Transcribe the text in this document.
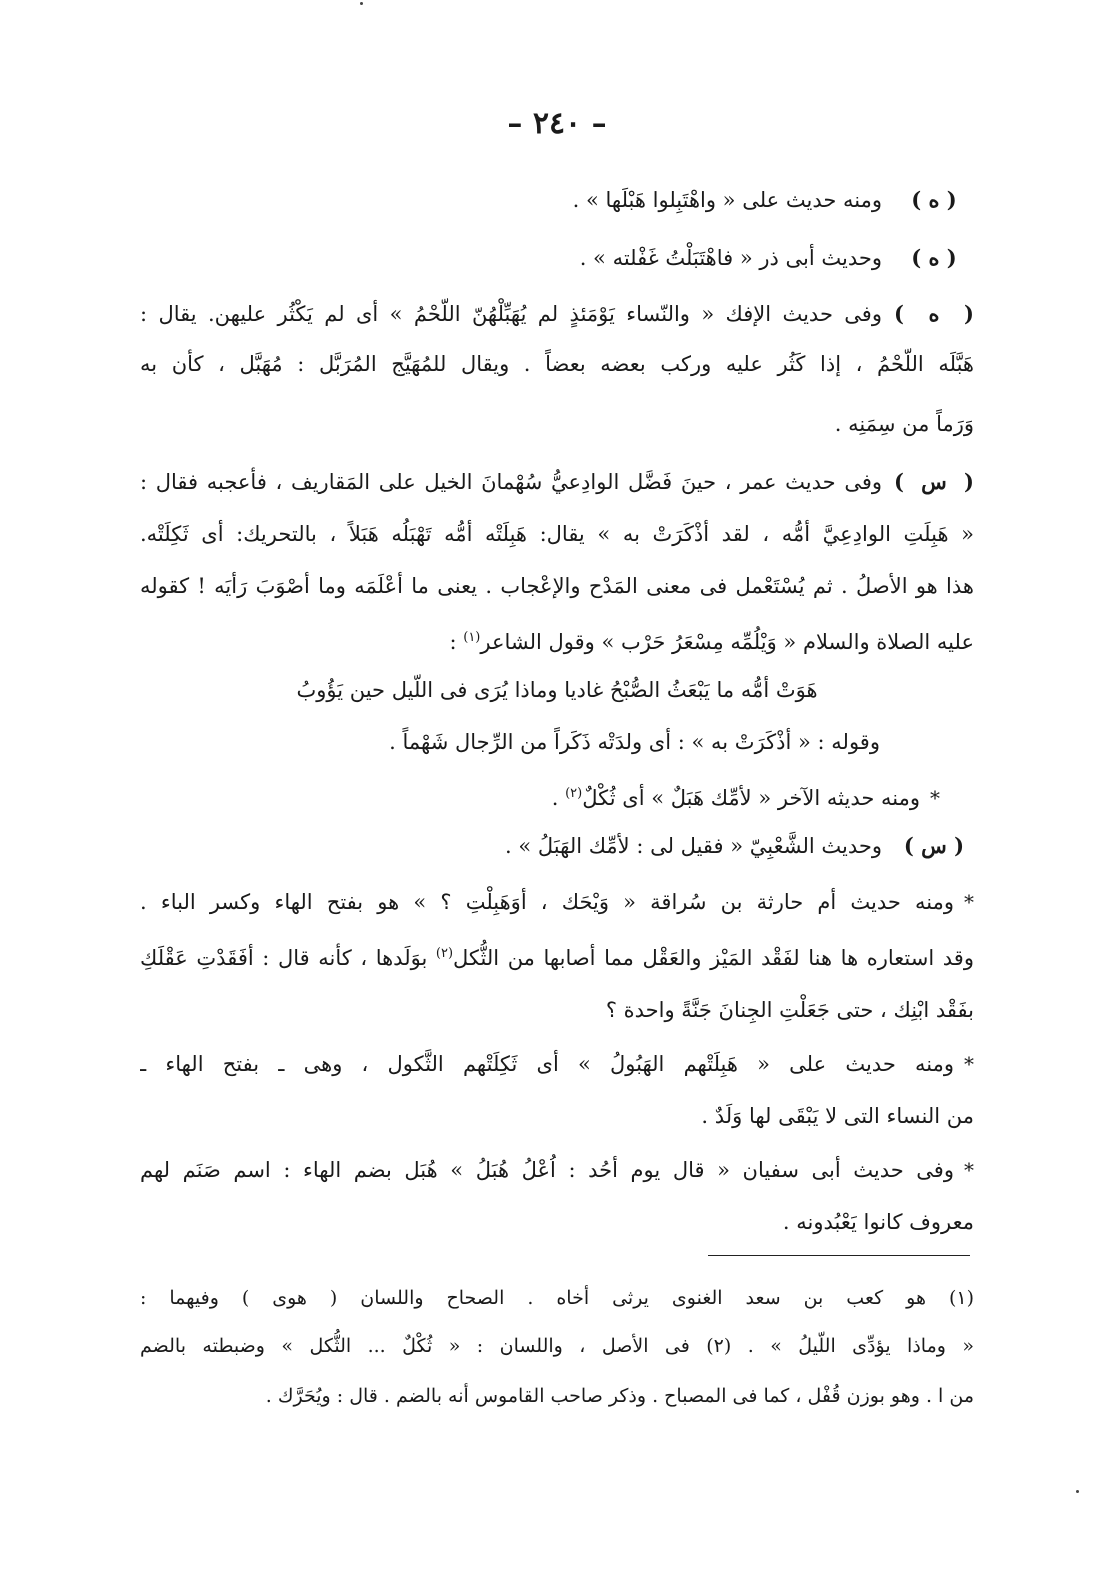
– ٢٤٠ –
( ه )ومنه حديث على « واهْتَبِلوا هَبْلَها » .
( ه )وحديث أبى ذر « فاهْتَبَلْتُ غَفْلته » .
( ه )وفى حديث الإفك « والنّساء يَوْمَئذٍ لم يُهَبِّلْهُنّ اللّحْمُ » أى لم يَكْثُر عليهن. يقال :
هَبَّلَه اللّحْمُ ، إذا كَثُر عليه وركب بعضه بعضاً . ويقال للمُهَيَّج المُرَبَّل : مُهَبَّل ، كأن به
وَرَماً من سِمَنِه .
( س )وفى حديث عمر ، حينَ فَضَّل الوادِعيُّ سُهْمانَ الخيل على المَقاريف ، فأعجبه فقال :
« هَبِلَتِ الوادِعِيَّ أمُّه ، لقد أذْكَرَتْ به » يقال: هَبِلَتْه أمُّه تَهْبَلُه هَبَلاً ، بالتحريك: أى ثَكِلَتْه.
هذا هو الأصلُ . ثم يُسْتَعْمل فى معنى المَدْح والإعْجاب . يعنى ما أعْلَمَه وما أصْوَبَ رَأيَه ! كقوله
عليه الصلاة والسلام « وَيْلُمِّه مِسْعَرُ حَرْب » وقول الشاعر$^{(١)}$ :
هَوَتْ أمُّه ما يَبْعَثُ الصُّبْحُ غاديا وماذا يُرَى فى اللّيل حين يَؤُوبُ
وقوله : « أذْكَرَتْ به » : أى ولدَتْه ذَكَراً من الرِّجال شَهْماً .
*ومنه حديثه الآخر « لأمِّك هَبَلٌ » أى ثُكْلٌ$^{(٢)}$ .
( س )وحديث الشَّعْبِيّ « فقيل لى : لأمِّك الهَبَلُ » .
*ومنه حديث أم حارثة بن سُراقة « وَيْحَك ، أوَهَبِلْتِ ؟ » هو بفتح الهاء وكسر الباء .
وقد استعاره ها هنا لفَقْد المَيْز والعَقْل مما أصابها من الثُّكل$^{(٢)}$ بوَلَدها ، كأنه قال : أفَقَدْتِ عَقْلَكِ
بفَقْد ابْنِك ، حتى جَعَلْتِ الجِنانَ جَنَّةً واحدة ؟
*ومنه حديث على « هَبِلَتْهم الهَبُولُ » أى ثَكِلَتْهم الثَّكول ، وهى ـ بفتح الهاء ـ
من النساء التى لا يَبْقَى لها وَلَدٌ .
*وفى حديث أبى سفيان « قال يوم أحُد : اُعْلُ هُبَلُ » هُبَل بضم الهاء : اسم صَنَم لهم
معروف كانوا يَعْبُدونه .
(١) هو كعب بن سعد الغنوى يرثى أخاه . الصحاح واللسان ( هوى ) وفيهما :
« وماذا يؤدِّى اللّيلُ » . (٢) فى الأصل ، واللسان : « ثُكْلٌ ... الثُّكل » وضبطته بالضم
من ا . وهو بوزن قُفْل ، كما فى المصباح . وذكر صاحب القاموس أنه بالضم . قال : ويُحَرَّك .
